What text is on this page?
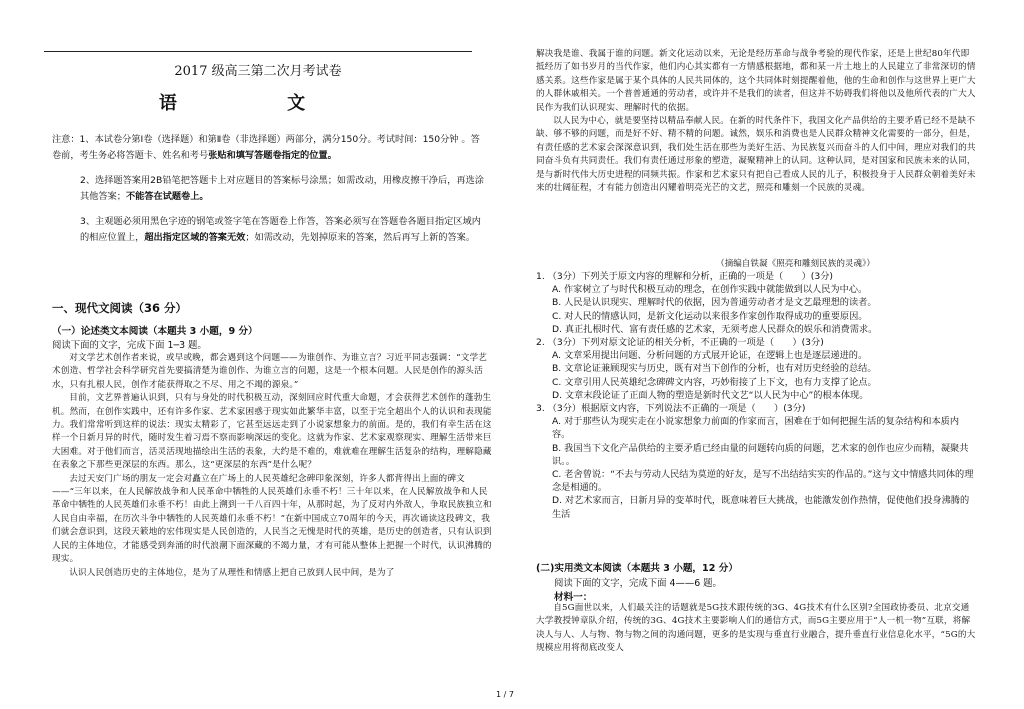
2017 级高三第二次月考试卷
语 文

注意：1、本试卷分第Ⅰ卷（选择题）和第Ⅱ卷（非选择题）两部分，满分150分。考试时间：150分钟 。答卷前，考生务必将答题卡、姓名和考号张贴和填写答题卷指定的位置。

2、选择题答案用2B铅笔把答题卡上对应题目的答案标号涂黑；如需改动，用橡皮擦干净后，再选涂其他答案；不能答在试题卷上。

3、主观题必须用黑色字迹的钢笔或签字笔在答题卷上作答，答案必须写在答题卷各题目指定区域内的相应位置上，超出指定区域的答案无效；如需改动，先划掉原来的答案，然后再写上新的答案。

一、现代文阅读（36 分）
（一）论述类文本阅读（本题共 3 小题，9 分）
阅读下面的文字，完成下面 1─3 题。

对文学艺术创作者来说，或早或晚，都会遇到这个问题——为谁创作、为谁立言？习近平同志强调：“文学艺术创造、哲学社会科学研究首先要搞清楚为谁创作、为谁立言的问题，这是一个根本问题。人民是创作的源头活水，只有扎根人民，创作才能获得取之不尽、用之不竭的源泉。”

目前，文艺界普遍认识到，只有与身处的时代积极互动，深刻回应时代重大命题，才会获得艺术创作的蓬勃生机。然而，在创作实践中，还有许多作家、艺术家困惑于现实如此繁华丰富，以至于完全超出个人的认识和表现能力。我们常常听到这样的说法：现实太精彩了，它甚至远远走到了小说家想象力的前面。是的，我们有幸生活在这样一个日新月异的时代，随时发生着习焉不察而影响深远的变化。这就为作家、艺术家观察现实、理解生活带来巨大困难。对于他们而言，活灵活现地描绘出生活的表象，大约是不难的，难就难在理解生活复杂的结构，理解隐藏在表象之下那些更深层的东西。那么，这“更深层的东西”是什么呢？

去过天安门广场的朋友一定会对矗立在广场上的人民英雄纪念碑印象深刻，许多人都背得出上面的碑文——“三年以来，在人民解放战争和人民革命中牺牲的人民英雄们永垂不朽！三十年以来，在人民解放战争和人民革命中牺牲的人民英雄们永垂不朽！由此上溯到一千八百四十年，从那时起，为了反对内外敌人，争取民族独立和人民自由幸福，在历次斗争中牺牲的人民英雄们永垂不朽！”在新中国成立70周年的今天，再次诵读这段碑文，我们就会意识到，这段天簌地的宏伟现实是人民创造的，人民当之无愧是时代的英雄，是历史的创造者，只有认识到人民的主体地位，才能感受到奔涌的时代浪潮下面深藏的不竭力量，才有可能从整体上把握一个时代，认识沸腾的现实。

认识人民创造历史的主体地位，是为了从理性和情感上把自己放到人民中间，是为了

解决我是谁、我属于谁的问题。新文化运动以来，无论是经历革命与战争考验的现代作家，还是上世纪80年代即抵经历了如书岁月的当代作家，他们内心其实都有一方情感根据地，都和某一片土地上的人民建立了非常深切的情感关系。这些作家是属于某个具体的人民共同体的，这个共同体时刻提醒着他，他的生命和创作与这世界上更广大的人群休戚相关。一个普普通通的劳动者，或许并不是我们的读者，但这并不妨碍我们将他以及他所代表的广大人民作为我们认识现实、理解时代的依据。

以人民为中心，就是要坚持以精品奉献人民。在新的时代条件下，我国文化产品供给的主要矛盾已经不是缺不缺、够不够的问题，而是好不好、精不精的问题。诚然，娱乐和消费也是人民群众精神文化需要的一部分，但是，有责任感的艺术家会深深意识到，我们处生活在那些为美好生活、为民族复兴而奋斗的人们中间，理应对我们的共同奋斗负有共同责任。我们有责任通过形象的塑造，凝聚精神上的认同。这种认同，是对国家和民族未来的认同，是与新时代伟大历史进程的同频共振。作家和艺术家只有把自己看成人民的儿子，积极投身于人民群众朝着美好未来的壮阔征程，才有能力创造出闪耀着明亮光芒的文艺，照亮和雕刻一个民族的灵魂。

（摘编自铁凝《照亮和雕刻民族的灵魂》）

1. （3分）下列关于原文内容的理解和分析，正确的一项是（　　）(3分)

A. 作家树立了与时代积极互动的理念，在创作实践中就能做到以人民为中心。

B. 人民是认识现实、理解时代的依据，因为普通劳动者才是文艺最理想的读者。

C. 对人民的情感认同，是新文化运动以来很多作家创作取得成功的重要原因。

D. 真正扎根时代、富有责任感的艺术家，无须考虑人民群众的娱乐和消费需求。

2. （3分）下列对原文论证的相关分析，不正确的一项是（　　）(3分)

A. 文章采用提出问题、分析问题的方式展开论证，在逻辑上也是逐层递进的。

B. 文章论证兼顾现实与历史，既有对当下创作的分析，也有对历史经验的总结。

C. 文章引用人民英雄纪念碑碑文内容，巧妙衔接了上下文，也有力支撑了论点。

D. 文章末段论证了正面人物的塑造是新时代文艺“以人民为中心”的根本体现。

3. （3分）根据原文内容，下列说法不正确的一项是（　　）(3分)

A. 对于那些认为现实走在小说家想象力前面的作家而言，困难在于如何把握生活的复杂结构和本质内容。

B. 我国当下文化产品供给的主要矛盾已经由量的问题转向质的问题，艺术家的创作也应少而精，凝聚共识。。

C. 老舍曾说：“不去与劳动人民结为莫逆的好友，是写不出结结实实的作品的。”这与文中情感共同体的理念是相通的。

D. 对艺术家而言，日新月异的变革时代，既意味着巨大挑战，也能激发创作热情，促使他们投身沸腾的生活

(二)实用类文本阅读（本题共 3 小题，12 分）
阅读下面的文字，完成下面 4——6 题。
材料一：

自5G面世以来，人们最关注的话题就是5G技术跟传统的3G、4G技术有什么区别?全国政协委员、北京交通大学教授钟章队介绍，传统的3G、4G技术主要影响人们的通信方式，而5G主要应用于“人一机一物”互联，将解决人与人、人与物、物与物之间的沟通问题，更多的是实现与垂直行业融合，提升垂直行业信息化水平，“5G的大规模应用将彻底改变人

1 / 7
